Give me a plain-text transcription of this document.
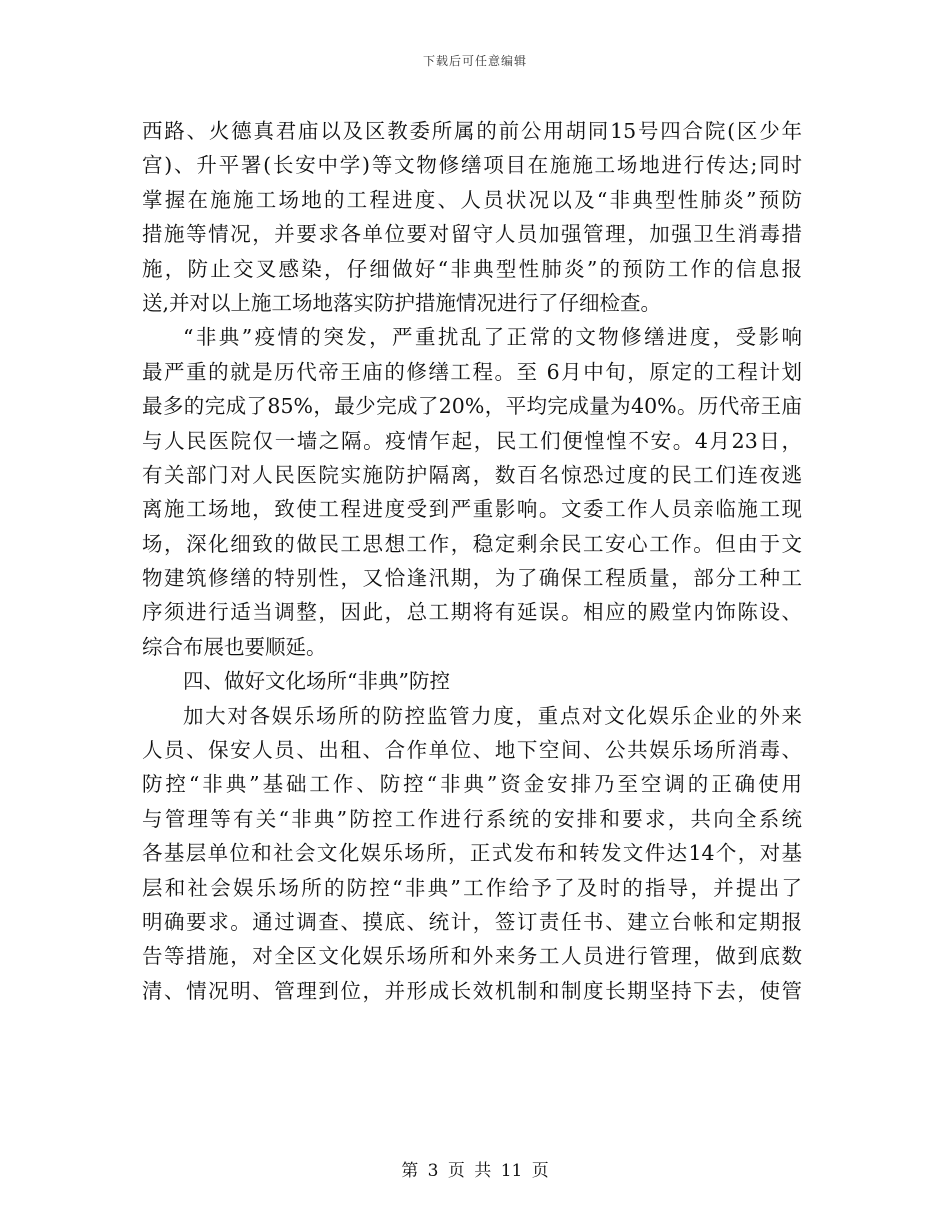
下载后可任意编辑
西路、火德真君庙以及区教委所属的前公用胡同15号四合院(区少年
宫)、升平署(长安中学)等文物修缮项目在施施工场地进行传达;同时
掌握在施施工场地的工程进度、人员状况以及“非典型性肺炎”预防
措施等情况，并要求各单位要对留守人员加强管理，加强卫生消毒措
施，防止交叉感染，仔细做好“非典型性肺炎”的预防工作的信息报
送,并对以上施工场地落实防护措施情况进行了仔细检查。
“非典”疫情的突发，严重扰乱了正常的文物修缮进度，受影响
最严重的就是历代帝王庙的修缮工程。至 6月中旬，原定的工程计划
最多的完成了85%，最少完成了20%，平均完成量为40%。历代帝王庙
与人民医院仅一墙之隔。疫情乍起，民工们便惶惶不安。4月23日，
有关部门对人民医院实施防护隔离，数百名惊恐过度的民工们连夜逃
离施工场地，致使工程进度受到严重影响。文委工作人员亲临施工现
场，深化细致的做民工思想工作，稳定剩余民工安心工作。但由于文
物建筑修缮的特别性，又恰逢汛期，为了确保工程质量，部分工种工
序须进行适当调整，因此，总工期将有延误。相应的殿堂内饰陈设、
综合布展也要顺延。
四、做好文化场所“非典”防控
加大对各娱乐场所的防控监管力度，重点对文化娱乐企业的外来
人员、保安人员、出租、合作单位、地下空间、公共娱乐场所消毒、
防控“非典”基础工作、防控“非典”资金安排乃至空调的正确使用
与管理等有关“非典”防控工作进行系统的安排和要求，共向全系统
各基层单位和社会文化娱乐场所，正式发布和转发文件达14个，对基
层和社会娱乐场所的防控“非典”工作给予了及时的指导，并提出了
明确要求。通过调查、摸底、统计，签订责任书、建立台帐和定期报
告等措施，对全区文化娱乐场所和外来务工人员进行管理，做到底数
清、情况明、管理到位，并形成长效机制和制度长期坚持下去，使管
第 3 页 共 11 页
